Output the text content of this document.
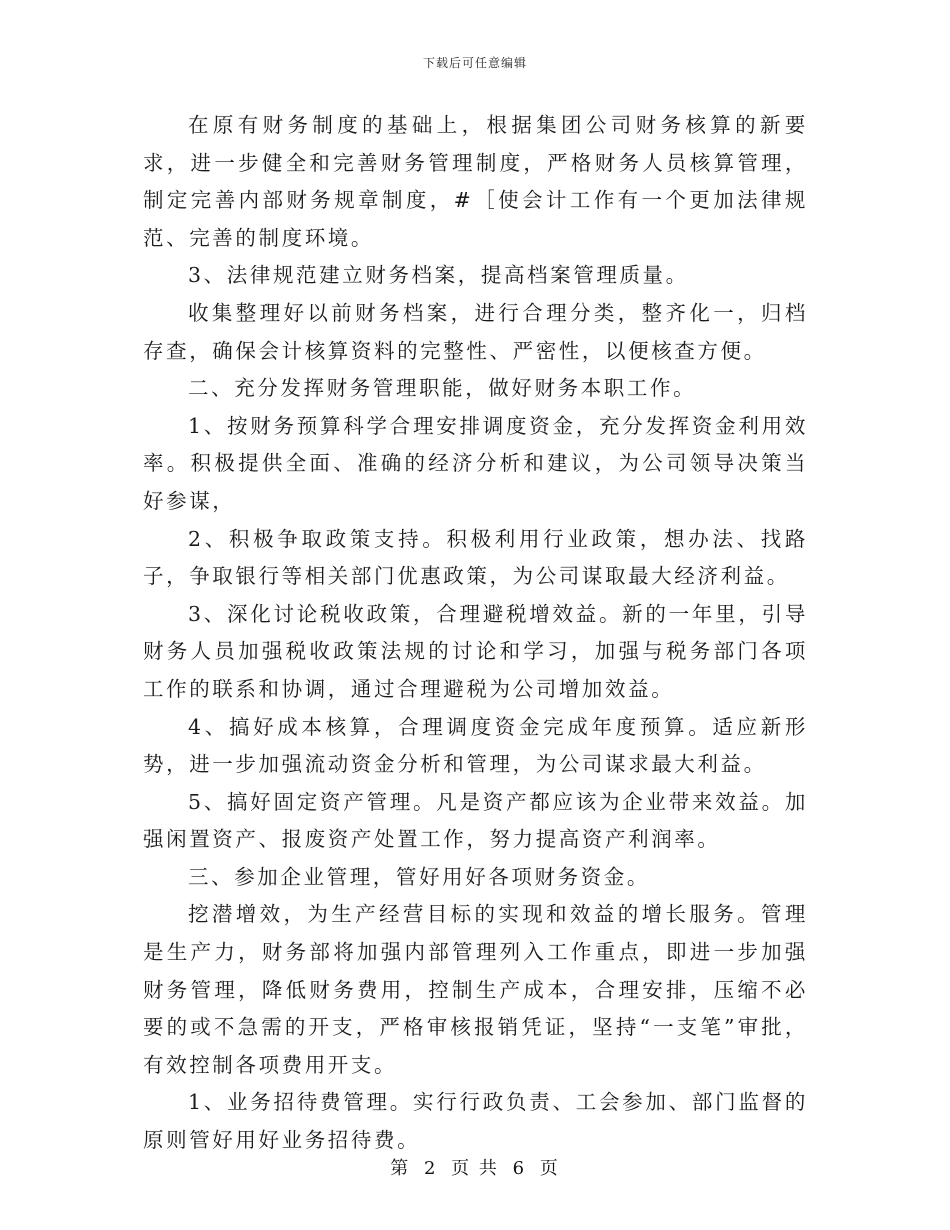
下载后可任意编辑

在原有财务制度的基础上，根据集团公司财务核算的新要求，进一步健全和完善财务管理制度，严格财务人员核算管理，制定完善内部财务规章制度，#［使会计工作有一个更加法律规范、完善的制度环境。

3、法律规范建立财务档案，提高档案管理质量。

收集整理好以前财务档案，进行合理分类，整齐化一，归档存查，确保会计核算资料的完整性、严密性，以便核查方便。

二、充分发挥财务管理职能，做好财务本职工作。

1、按财务预算科学合理安排调度资金，充分发挥资金利用效率。积极提供全面、准确的经济分析和建议，为公司领导决策当好参谋，

2、积极争取政策支持。积极利用行业政策，想办法、找路子，争取银行等相关部门优惠政策，为公司谋取最大经济利益。

3、深化讨论税收政策，合理避税增效益。新的一年里，引导财务人员加强税收政策法规的讨论和学习，加强与税务部门各项工作的联系和协调，通过合理避税为公司增加效益。

4、搞好成本核算，合理调度资金完成年度预算。适应新形势，进一步加强流动资金分析和管理，为公司谋求最大利益。

5、搞好固定资产管理。凡是资产都应该为企业带来效益。加强闲置资产、报废资产处置工作，努力提高资产利润率。

三、参加企业管理，管好用好各项财务资金。

挖潜增效，为生产经营目标的实现和效益的增长服务。管理是生产力，财务部将加强内部管理列入工作重点，即进一步加强财务管理，降低财务费用，控制生产成本，合理安排，压缩不必要的或不急需的开支，严格审核报销凭证，坚持“一支笔”审批，有效控制各项费用开支。

1、业务招待费管理。实行行政负责、工会参加、部门监督的原则管好用好业务招待费。

第 2 页 共 6 页
